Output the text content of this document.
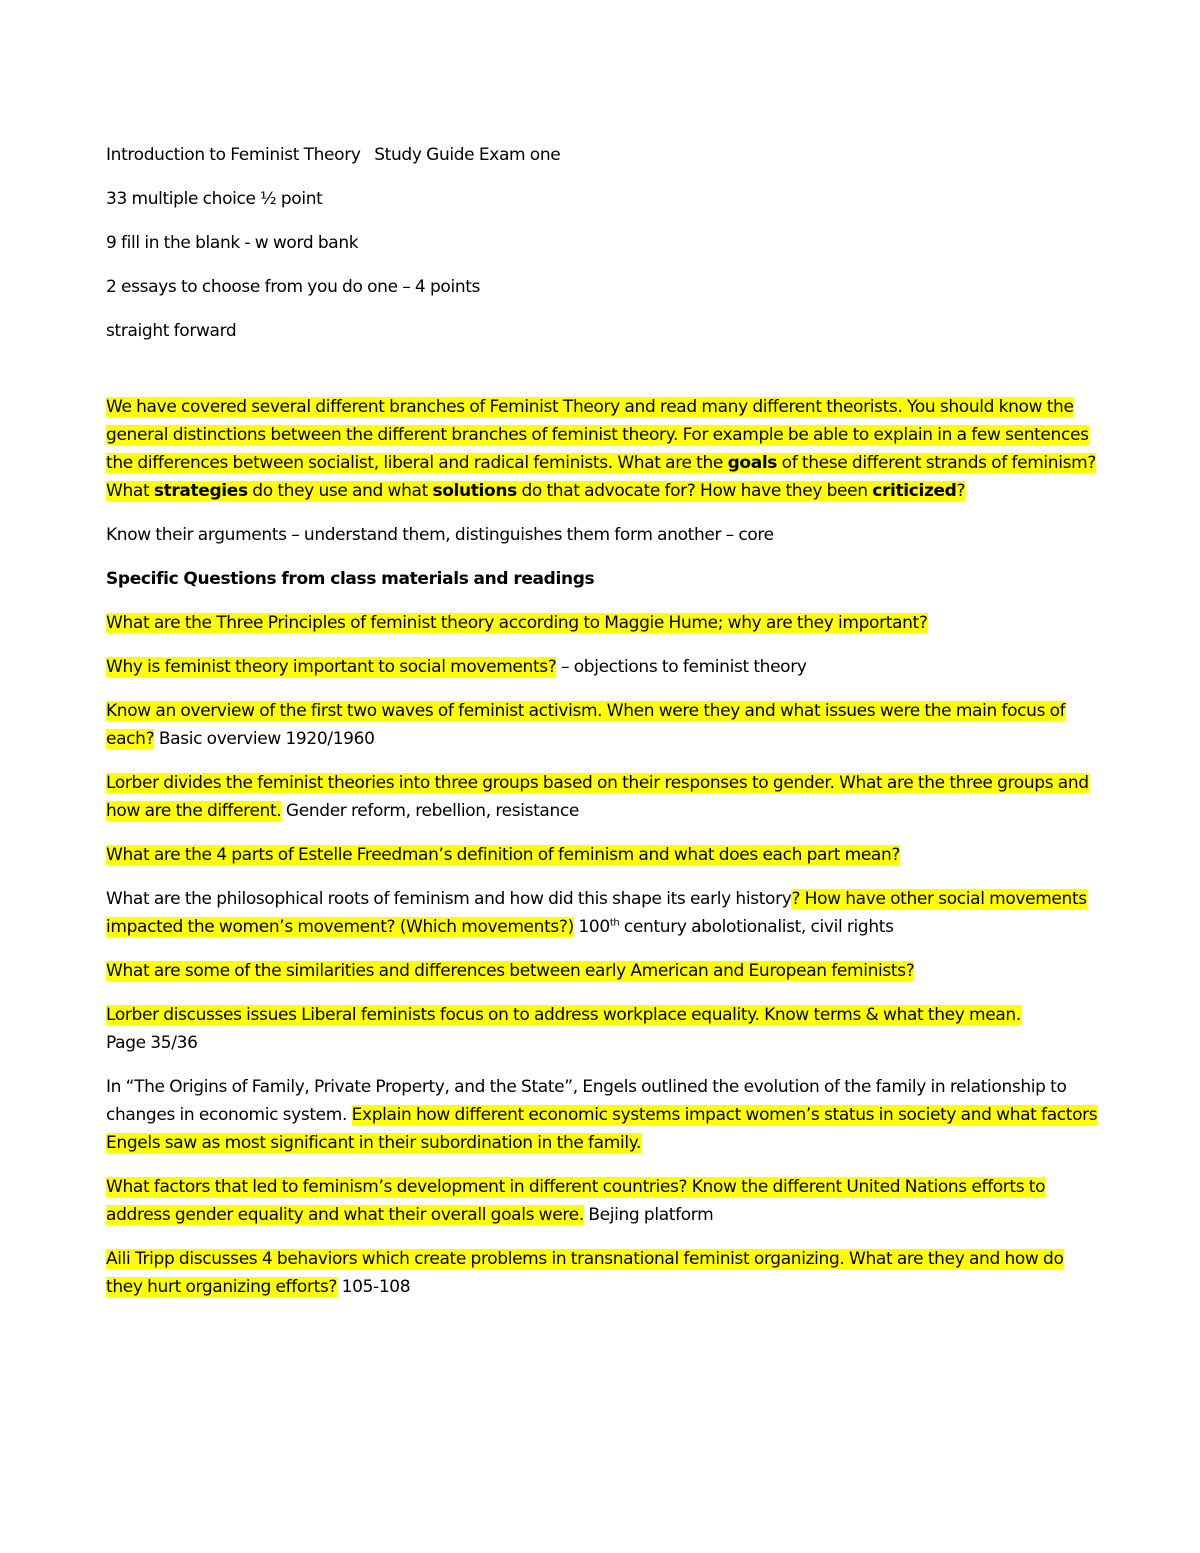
Introduction to Feminist Theory Study Guide Exam one

33 multiple choice ½ point

9 fill in the blank - w word bank

2 essays to choose from you do one – 4 points

straight forward

We have covered several different branches of Feminist Theory and read many different theorists. You should know the general distinctions between the different branches of feminist theory. For example be able to explain in a few sentences the differences between socialist, liberal and radical feminists. What are the goals of these different strands of feminism? What strategies do they use and what solutions do that advocate for? How have they been criticized?

Know their arguments – understand them, distinguishes them form another – core

Specific Questions from class materials and readings

What are the Three Principles of feminist theory according to Maggie Hume; why are they important?

Why is feminist theory important to social movements? – objections to feminist theory

Know an overview of the first two waves of feminist activism. When were they and what issues were the main focus of each? Basic overview 1920/1960

Lorber divides the feminist theories into three groups based on their responses to gender. What are the three groups and how are the different. Gender reform, rebellion, resistance

What are the 4 parts of Estelle Freedman’s definition of feminism and what does each part mean?

What are the philosophical roots of feminism and how did this shape its early history? How have other social movements impacted the women’s movement? (Which movements?) 100th century abolotionalist, civil rights

What are some of the similarities and differences between early American and European feminists?

Lorber discusses issues Liberal feminists focus on to address workplace equality. Know terms & what they mean.
Page 35/36

In “The Origins of Family, Private Property, and the State”, Engels outlined the evolution of the family in relationship to changes in economic system. Explain how different economic systems impact women’s status in society and what factors Engels saw as most significant in their subordination in the family.

What factors that led to feminism’s development in different countries? Know the different United Nations efforts to address gender equality and what their overall goals were. Bejing platform

Aili Tripp discusses 4 behaviors which create problems in transnational feminist organizing. What are they and how do they hurt organizing efforts? 105-108
